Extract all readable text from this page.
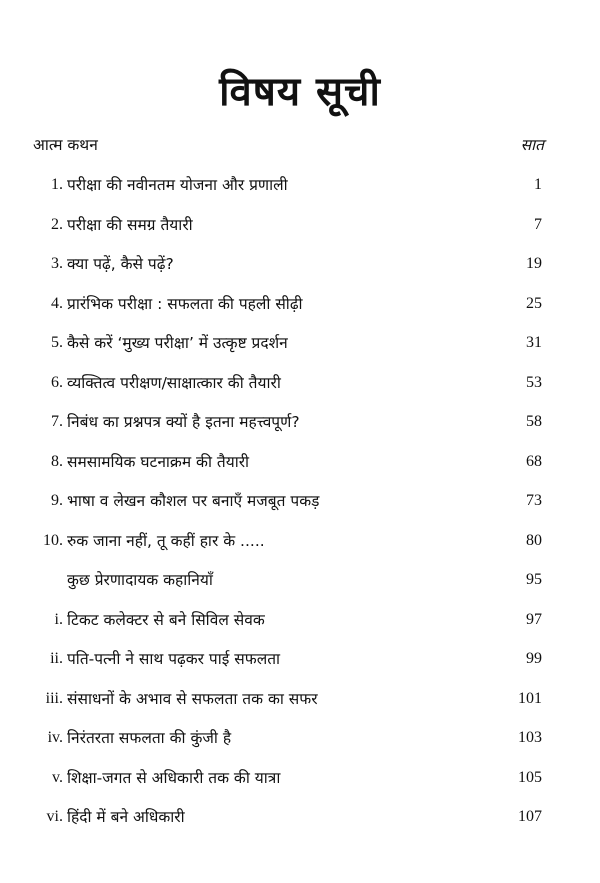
विषय सूची
आत्म कथन	सात
1. परीक्षा की नवीनतम योजना और प्रणाली	1
2. परीक्षा की समग्र तैयारी	7
3. क्या पढ़ें, कैसे पढ़ें?	19
4. प्रारंभिक परीक्षा : सफलता की पहली सीढ़ी	25
5. कैसे करें ‘मुख्य परीक्षा’ में उत्कृष्ट प्रदर्शन	31
6. व्यक्तित्व परीक्षण/साक्षात्कार की तैयारी	53
7. निबंध का प्रश्नपत्र क्यों है इतना महत्त्वपूर्ण?	58
8. समसामयिक घटनाक्रम की तैयारी	68
9. भाषा व लेखन कौशल पर बनाएँ मजबूत पकड़	73
10. रुक जाना नहीं, तू कहीं हार के .....	80
कुछ प्रेरणादायक कहानियाँ	95
i. टिकट कलेक्टर से बने सिविल सेवक	97
ii. पति-पत्नी ने साथ पढ़कर पाई सफलता	99
iii. संसाधनों के अभाव से सफलता तक का सफर	101
iv. निरंतरता सफलता की कुंजी है	103
v. शिक्षा-जगत से अधिकारी तक की यात्रा	105
vi. हिंदी में बने अधिकारी	107
